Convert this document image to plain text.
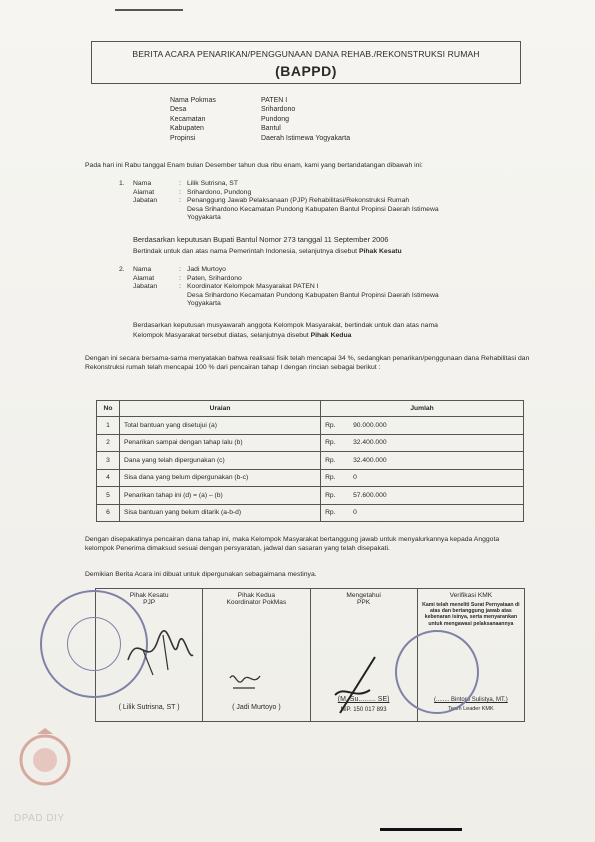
BERITA ACARA PENARIKAN/PENGGUNAAN DANA REHAB./REKONSTRUKSI RUMAH
(BAPPD)
Nama Pokmas	PATEN I
Desa	Srihardono
Kecamatan	Pundong
Kabupaten	Bantul
Propinsi	Daerah Istimewa Yogyakarta
Pada hari ini Rabu tanggal Enam bulan Desember tahun dua ribu enam, kami yang bertandatangan dibawah ini:
1.	Nama	: Lilik Sutrisna, ST
Alamat	: Srihardono, Pundong
Jabatan	: Penanggung Jawab Pelaksanaan (PJP) Rehabilitasi/Rekonstruksi Rumah
Desa Srihardono Kecamatan Pundong Kabupaten Bantul Propinsi Daerah Istimewa
Yogyakarta
Berdasarkan keputusan Bupati Bantul Nomor 273 tanggal 11 September 2006
Bertindak untuk dan atas nama Pemerintah Indonesia, selanjutnya disebut Pihak Kesatu
2.	Nama	: Jadi Murtoyo
Alamat	: Paten, Srihardono
Jabatan	: Koordinator Kelompok Masyarakat PATEN I
Desa Srihardono Kecamatan Pundong Kabupaten Bantul Propinsi Daerah Istimewa
Yogyakarta
Berdasarkan keputusan musyawarah anggota Kelompok Masyarakat, bertindak untuk dan atas nama
Kelompok Masyarakat tersebut diatas, selanjutnya disebut Pihak Kedua
Dengan ini secara bersama-sama menyatakan bahwa realisasi fisik telah mencapai 34 %, sedangkan penarikan/penggunaan dana Rehabilitasi dan Rekonstruksi rumah telah mencapai 100 % dari pencairan tahap I dengan rincian sebagai berikut :
No	Uraian	Jumlah	
1	Total bantuan yang disetujui (a)	Rp.	90.000.000
2	Penarikan sampai dengan tahap lalu (b)	Rp.	32.400.000
3	Dana yang telah dipergunakan (c)	Rp.	32.400.000
4	Sisa dana yang belum dipergunakan (b-c)	Rp.	0
5	Penarikan tahap ini (d) = (a) – (b)	Rp.	57.600.000
6	Sisa bantuan yang belum ditarik (a-b-d)	Rp.	0
Dengan disepakatinya pencairan dana tahap ini, maka Kelompok Masyarakat bertanggung jawab untuk menyalurkannya kepada Anggota kelompok Penerima dimaksud sesuai dengan persyaratan, jadwal dan sasaran yang telah disepakati.
Demikian Berita Acara ini dibuat untuk dipergunakan sebagaimana mestinya.
Pihak Kesatu
PJP
( Lilik Sutrisna, ST )

Pihak Kedua
Koordinator PokMas
( Jadi Murtoyo )

Mengetahui
PPK
(M. Su......... SE)
NIP. 150 017 893

Verifikasi KMK
Kami telah meneliti Surat Pernyataan di atas dan bertanggung jawab atas kebenaran isinya, serta menyarankan untuk mengawasi pelaksanaannya
(........ Bintoro Sulistya, MT.)
Team Leader KMK
DPAD DIY
